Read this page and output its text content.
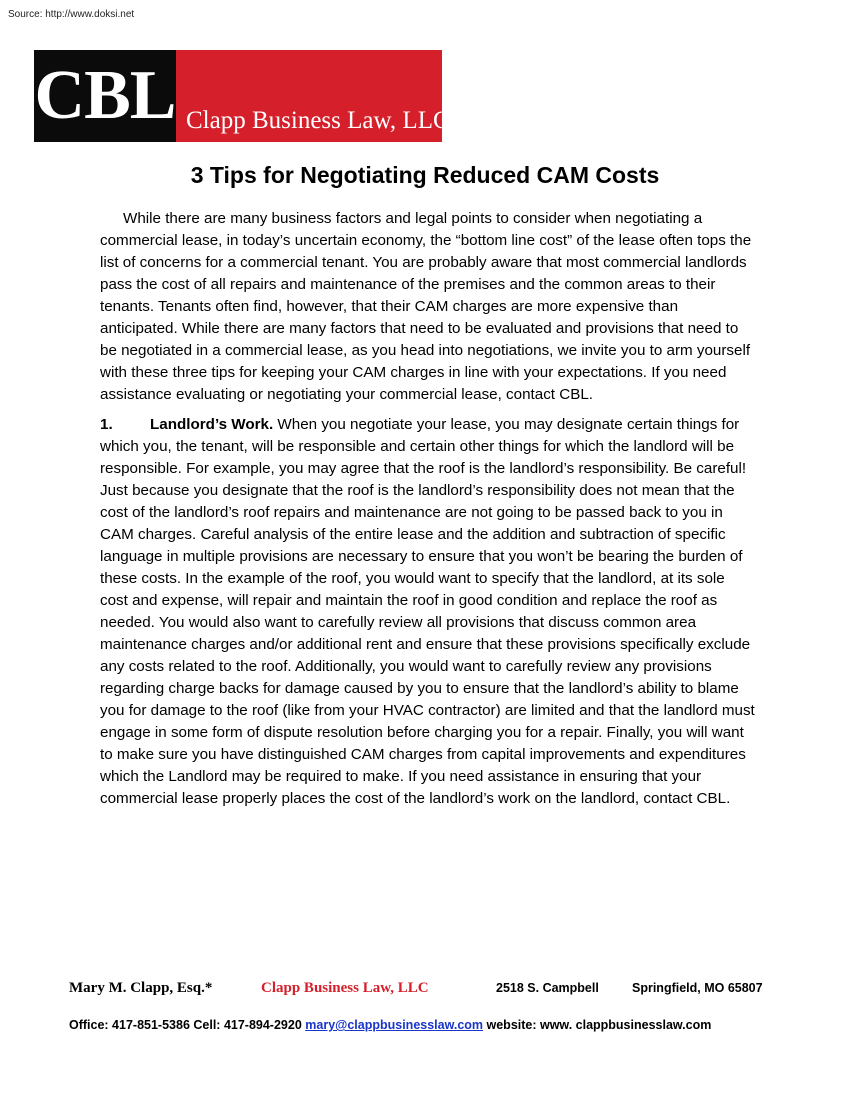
Source: http://www.doksi.net
CBL Clapp Business Law, LLC
3 Tips for Negotiating Reduced CAM Costs

While there are many business factors and legal points to consider when negotiating a commercial lease, in today’s uncertain economy, the “bottom line cost” of the lease often tops the list of concerns for a commercial tenant. You are probably aware that most commercial landlords pass the cost of all repairs and maintenance of the premises and the common areas to their tenants. Tenants often find, however, that their CAM charges are more expensive than anticipated. While there are many factors that need to be evaluated and provisions that need to be negotiated in a commercial lease, as you head into negotiations, we invite you to arm yourself with these three tips for keeping your CAM charges in line with your expectations. If you need assistance evaluating or negotiating your commercial lease, contact CBL.

1. Landlord’s Work. When you negotiate your lease, you may designate certain things for which you, the tenant, will be responsible and certain other things for which the landlord will be responsible. For example, you may agree that the roof is the landlord’s responsibility. Be careful! Just because you designate that the roof is the landlord’s responsibility does not mean that the cost of the landlord’s roof repairs and maintenance are not going to be passed back to you in CAM charges. Careful analysis of the entire lease and the addition and subtraction of specific language in multiple provisions are necessary to ensure that you won’t be bearing the burden of these costs. In the example of the roof, you would want to specify that the landlord, at its sole cost and expense, will repair and maintain the roof in good condition and replace the roof as needed. You would also want to carefully review all provisions that discuss common area maintenance charges and/or additional rent and ensure that these provisions specifically exclude any costs related to the roof. Additionally, you would want to carefully review any provisions regarding charge backs for damage caused by you to ensure that the landlord’s ability to blame you for damage to the roof (like from your HVAC contractor) are limited and that the landlord must engage in some form of dispute resolution before charging you for a repair. Finally, you will want to make sure you have distinguished CAM charges from capital improvements and expenditures which the Landlord may be required to make. If you need assistance in ensuring that your commercial lease properly places the cost of the landlord’s work on the landlord, contact CBL.

Mary M. Clapp, Esq.*	Clapp Business Law, LLC	2518 S. Campbell	Springfield, MO 65807
Office: 417-851-5386 Cell: 417-894-2920 mary@clappbusinesslaw.com website: www. clappbusinesslaw.com
